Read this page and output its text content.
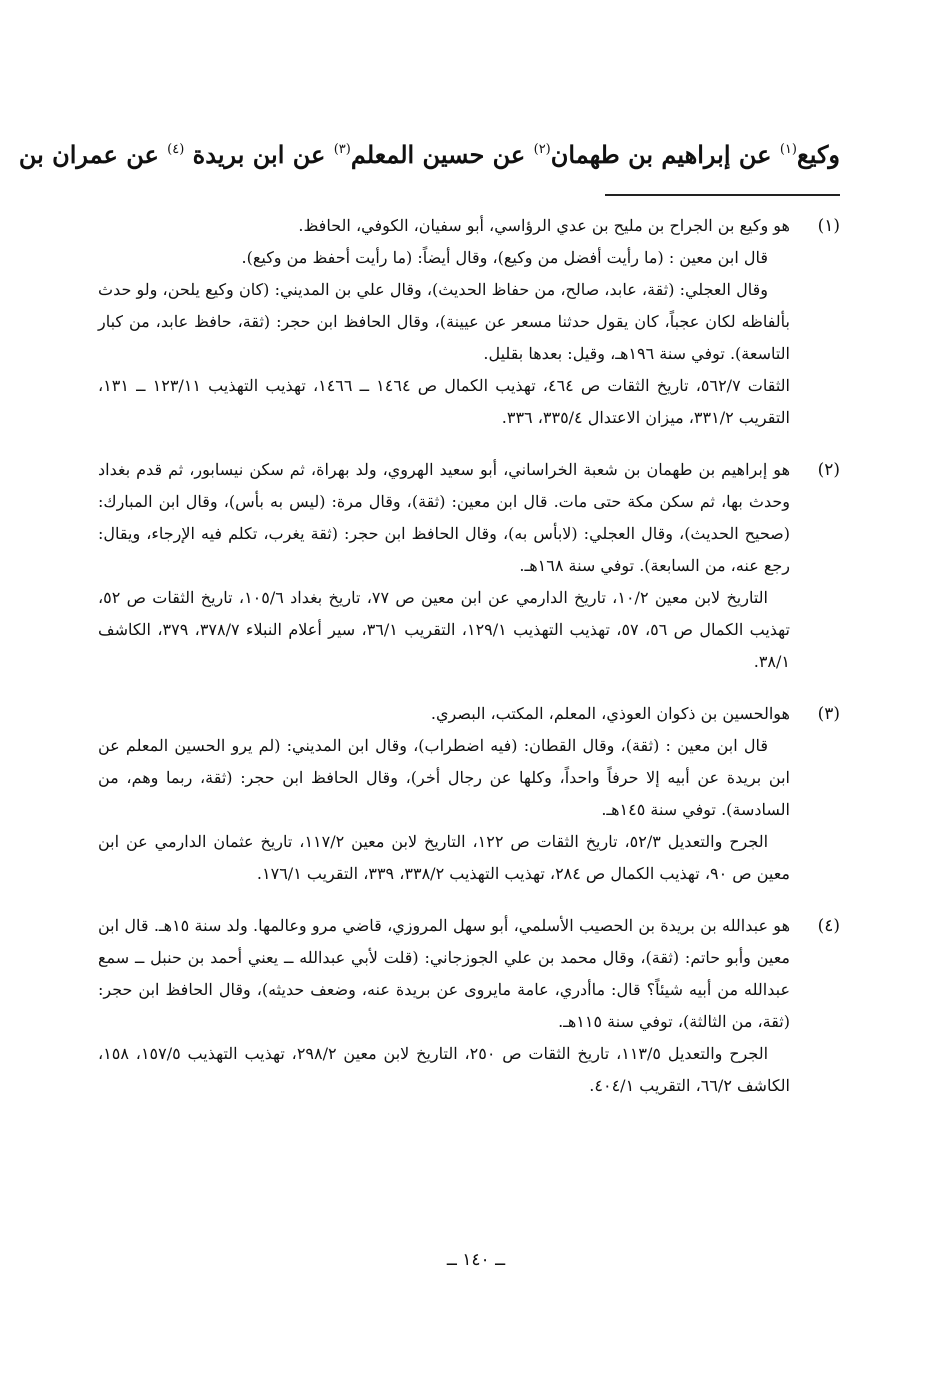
وكيع$^{(١)}$ عن إبراهيم بن طهمان$^{(٢)}$ عن حسين المعلم$^{(٣)}$ عن ابن بريدة $^{(٤)}$ عن عمران بن
(١)

هو وكيع بن الجراح بن مليح بن عدي الرؤاسي، أبو سفيان، الكوفي، الحافظ.

قال ابن معين : (ما رأيت أفضل من وكيع)، وقال أيضاً: (ما رأيت أحفظ من وكيع).

وقال العجلي: (ثقة، عابد، صالح، من حفاظ الحديث)، وقال علي بن المديني: (كان وكيع يلحن، ولو حدث بألفاظه لكان عجباً، كان يقول حدثنا مسعر عن عيينة)، وقال الحافظ ابن حجر: (ثقة، حافظ عابد، من كبار التاسعة). توفي سنة ١٩٦هـ، وقيل: بعدها بقليل.

الثقات ٥٦٢/٧، تاريخ الثقات ص ٤٦٤، تهذيب الكمال ص ١٤٦٤ ــ ١٤٦٦، تهذيب التهذيب ١٢٣/١١ ــ ١٣١، التقريب ٣٣١/٢، ميزان الاعتدال ٣٣٥/٤، ٣٣٦.

(٢)

هو إبراهيم بن طهمان بن شعبة الخراساني، أبو سعيد الهروي، ولد بهراة، ثم سكن نيسابور، ثم قدم بغداد وحدث بها، ثم سكن مكة حتى مات. قال ابن معين: (ثقة)، وقال مرة: (ليس به بأس)، وقال ابن المبارك: (صحيح الحديث)، وقال العجلي: (لابأس به)، وقال الحافظ ابن حجر: (ثقة يغرب، تكلم فيه الإرجاء، ويقال: رجع عنه، من السابعة). توفي سنة ١٦٨هـ.

التاريخ لابن معين ١٠/٢، تاريخ الدارمي عن ابن معين ص ٧٧، تاريخ بغداد ١٠٥/٦، تاريخ الثقات ص ٥٢، تهذيب الكمال ص ٥٦، ٥٧، تهذيب التهذيب ١٢٩/١، التقريب ٣٦/١، سير أعلام النبلاء ٣٧٨/٧، ٣٧٩، الكاشف ٣٨/١.

(٣)

هوالحسين بن ذكوان العوذي، المعلم، المكتب، البصري.

قال ابن معين : (ثقة)، وقال القطان: (فيه اضطراب)، وقال ابن المديني: (لم يرو الحسين المعلم عن ابن بريدة عن أبيه إلا حرفاً واحداً، وكلها عن رجال أخر)، وقال الحافظ ابن حجر: (ثقة، ربما وهم، من السادسة). توفي سنة ١٤٥هـ.

الجرح والتعديل ٥٢/٣، تاريخ الثقات ص ١٢٢، التاريخ لابن معين ١١٧/٢، تاريخ عثمان الدارمي عن ابن معين ص ٩٠، تهذيب الكمال ص ٢٨٤، تهذيب التهذيب ٣٣٨/٢، ٣٣٩، التقريب ١٧٦/١.

(٤)

هو عبدالله بن بريدة بن الحصيب الأسلمي، أبو سهل المروزي، قاضي مرو وعالمها. ولد سنة ١٥هـ. قال ابن معين وأبو حاتم: (ثقة)، وقال محمد بن علي الجوزجاني: (قلت لأبي عبدالله ــ يعني أحمد بن حنبل ــ سمع عبدالله من أبيه شيئاً؟ قال: ماأدري، عامة مايروى عن بريدة عنه، وضعف حديثه)، وقال الحافظ ابن حجر: (ثقة، من الثالثة)، توفي سنة ١١٥هـ.

الجرح والتعديل ١١٣/٥، تاريخ الثقات ص ٢٥٠، التاريخ لابن معين ٢٩٨/٢، تهذيب التهذيب ١٥٧/٥، ١٥٨، الكاشف ٦٦/٢، التقريب ٤٠٤/١.

ــ ١٤٠ ــ
